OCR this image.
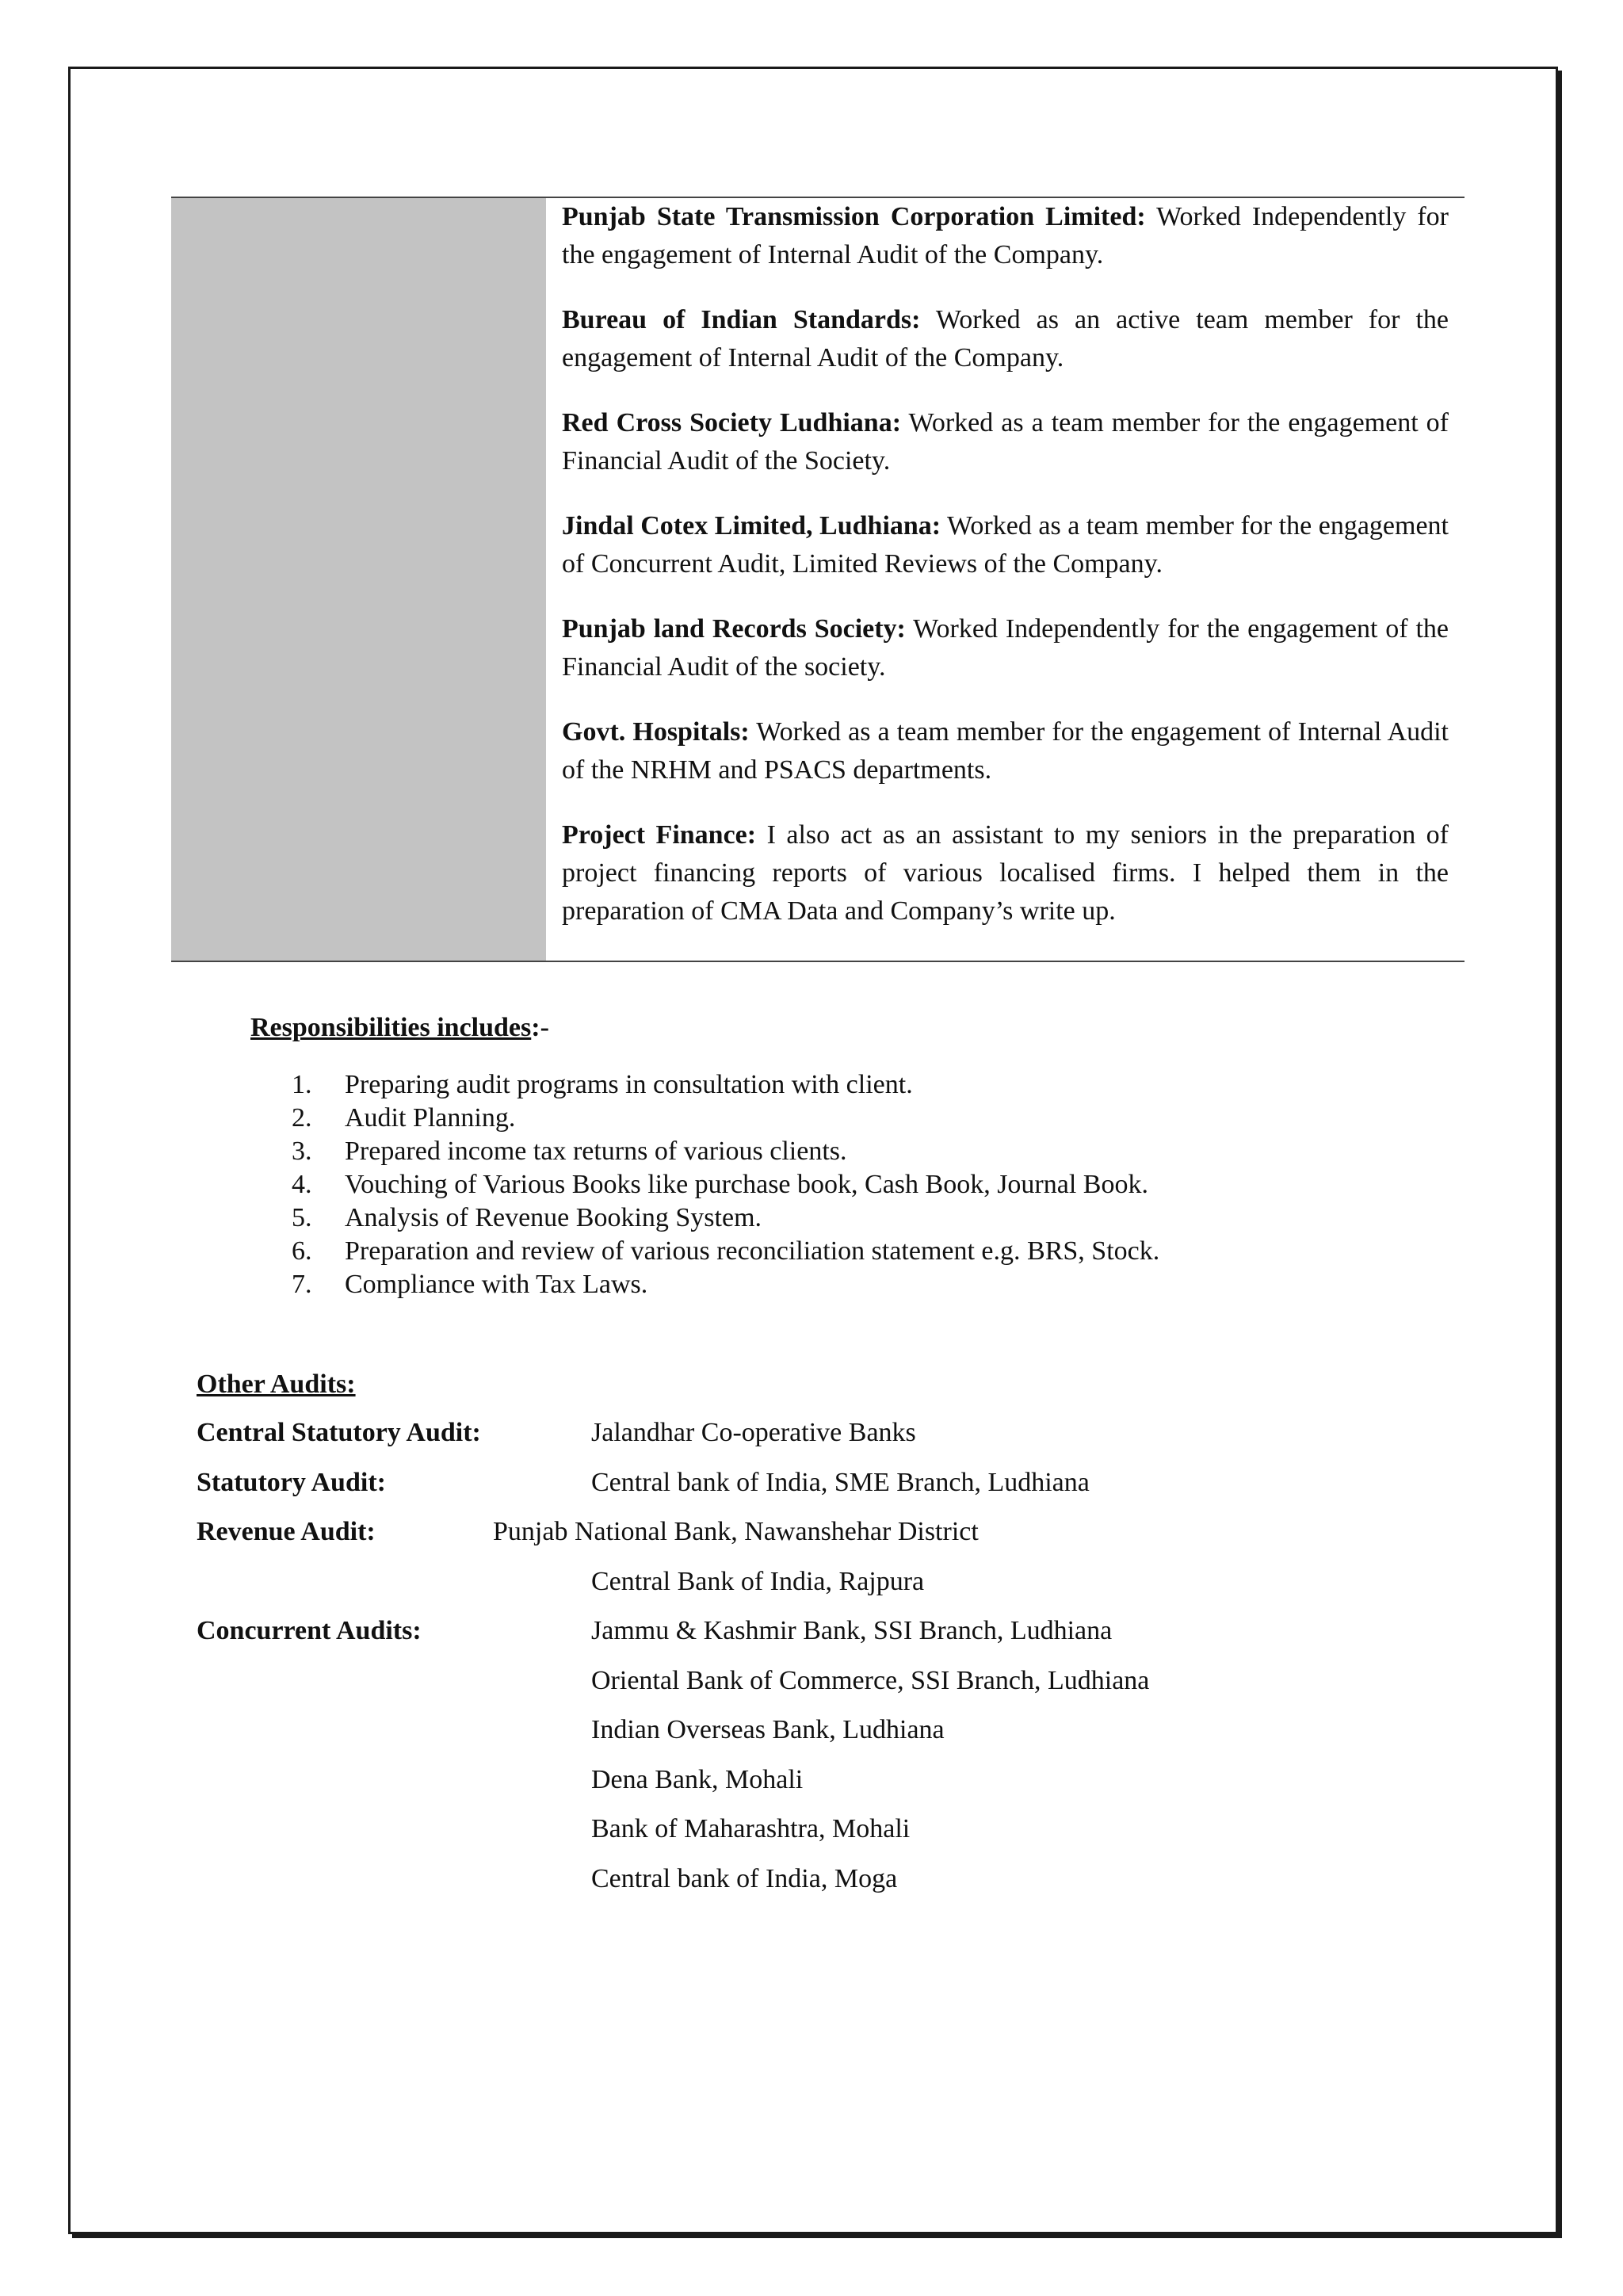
Punjab State Transmission Corporation Limited: Worked Independently for the engagement of Internal Audit of the Company.

Bureau of Indian Standards: Worked as an active team member for the engagement of Internal Audit of the Company.

Red Cross Society Ludhiana: Worked as a team member for the engagement of Financial Audit of the Society.

Jindal Cotex Limited, Ludhiana: Worked as a team member for the engagement of Concurrent Audit, Limited Reviews of the Company.

Punjab land Records Society: Worked Independently for the engagement of the Financial Audit of the society.

Govt. Hospitals: Worked as a team member for the engagement of Internal Audit of the NRHM and PSACS departments.

Project Finance: I also act as an assistant to my seniors in the preparation of project financing reports of various localised firms. I helped them in the preparation of CMA Data and Company’s write up.

Responsibilities includes:-
1.	Preparing audit programs in consultation with client.
2.	Audit Planning.
3.	Prepared income tax returns of various clients.
4.	Vouching of Various Books like purchase book, Cash Book, Journal Book.
5.	Analysis of Revenue Booking System.
6.	Preparation and review of various reconciliation statement e.g. BRS, Stock.
7.	Compliance with Tax Laws.
Other Audits:
Central Statutory Audit:	Jalandhar Co-operative Banks
Statutory Audit:	Central bank of India, SME Branch, Ludhiana
Revenue Audit:	Punjab National Bank, Nawanshehar District
Central Bank of India, Rajpura
Concurrent Audits:	Jammu & Kashmir Bank, SSI Branch, Ludhiana
Oriental Bank of Commerce, SSI Branch, Ludhiana
Indian Overseas Bank, Ludhiana
Dena Bank, Mohali
Bank of Maharashtra, Mohali
Central bank of India, Moga
